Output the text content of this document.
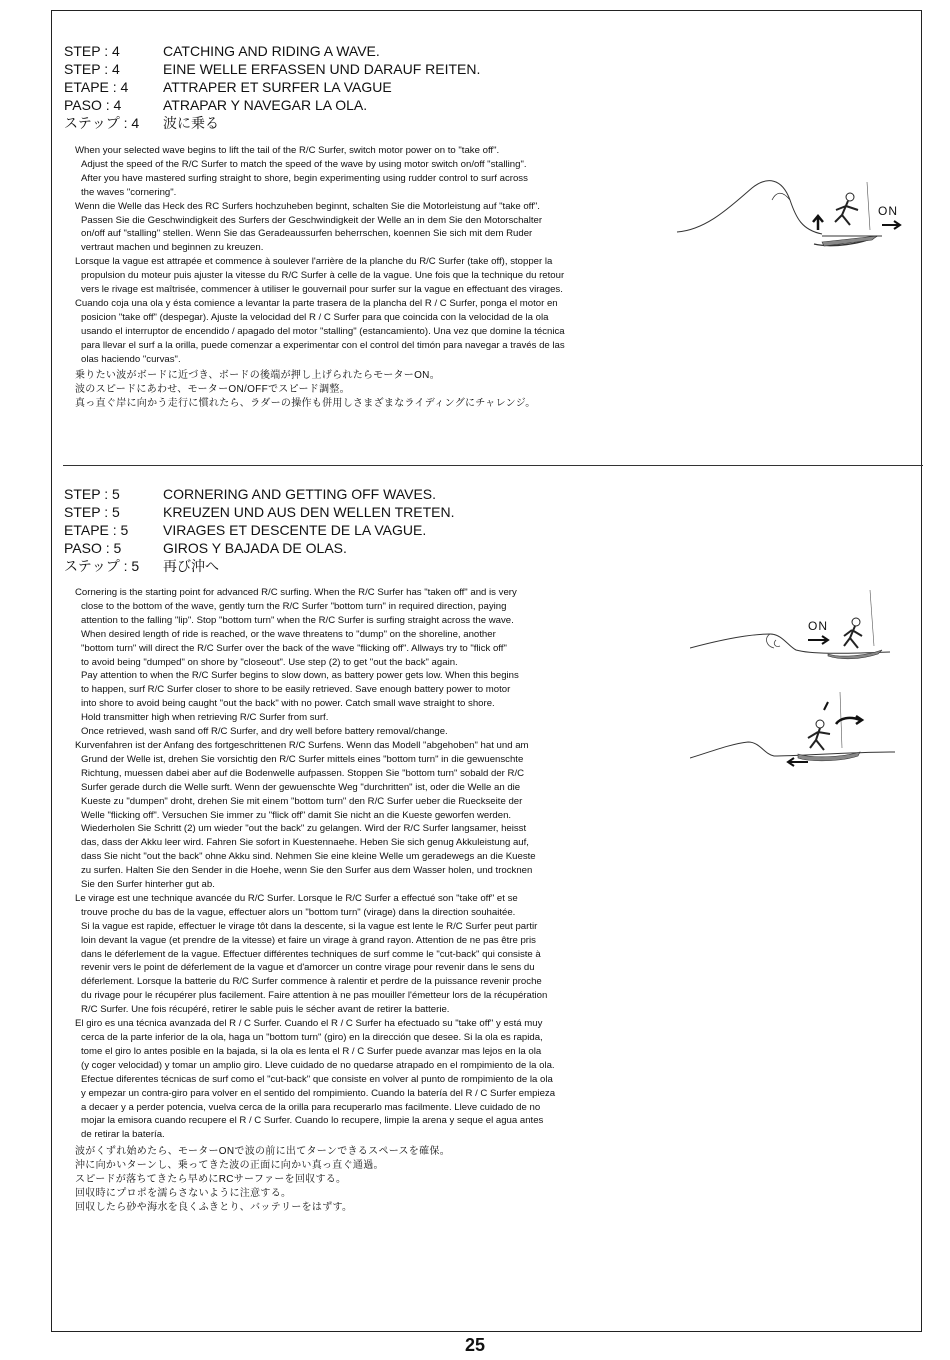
STEP : 4	CATCHING AND RIDING A WAVE.
STEP : 4	EINE WELLE ERFASSEN UND DARAUF REITEN.
ETAPE : 4	ATTRAPER ET SURFER LA VAGUE
PASO : 4	ATRAPAR Y NAVEGAR LA OLA.
ステップ : 4	波に乗る
When your selected wave begins to lift the tail of the R/C Surfer, switch motor power on to "take off".
Adjust the speed of the R/C Surfer to match the speed of the wave by using motor switch on/off "stalling".
After you have mastered surfing straight to shore, begin experimenting using rudder control to surf across
the waves "cornering".
Wenn die Welle das Heck des RC Surfers hochzuheben beginnt, schalten Sie die Motorleistung auf "take off".
Passen Sie die Geschwindigkeit des Surfers der Geschwindigkeit der Welle an in dem Sie den Motorschalter
on/off auf "stalling" stellen. Wenn Sie das Geradeaussurfen beherrschen, koennen Sie sich mit dem Ruder
vertraut machen und beginnen zu kreuzen.
Lorsque la vague est attrapée et commence à soulever l'arrière de la planche du R/C Surfer (take off), stopper la
propulsion du moteur puis ajuster la vitesse du R/C Surfer à celle de la vague. Une fois que la technique du retour
vers le rivage est maîtrisée, commencer à utiliser le gouvernail pour surfer sur la vague en effectuant des virages.
Cuando coja una ola y ésta comience a levantar la parte trasera de la plancha del R / C Surfer, ponga el motor en
posicion "take off" (despegar). Ajuste la velocidad del R / C Surfer para que coincida con la velocidad de la ola
usando el interruptor de encendido / apagado del motor "stalling" (estancamiento). Una vez que domine la técnica
para llevar el surf a la orilla, puede comenzar a experimentar con el control del timón para navegar a través de las
olas haciendo "curvas".
乗りたい波がボードに近づき、ボードの後端が押し上げられたらモーターON。
波のスピードにあわせ、モーターON/OFFでスピード調整。
真っ直ぐ岸に向かう走行に慣れたら、ラダーの操作も併用しさまざまなライディングにチャレンジ。
ON
STEP : 5	CORNERING AND GETTING OFF WAVES.
STEP : 5	KREUZEN UND AUS DEN WELLEN TRETEN.
ETAPE : 5	VIRAGES ET DESCENTE DE LA VAGUE.
PASO : 5	GIROS Y BAJADA DE OLAS.
ステップ : 5	再び沖へ
Cornering is the starting point for advanced R/C surfing. When the R/C Surfer has "taken off" and is very
close to the bottom of the wave, gently turn the R/C Surfer "bottom turn" in required direction, paying
attention to the falling "lip". Stop "bottom turn" when the R/C Surfer is surfing straight across the wave.
When desired length of ride is reached, or the wave threatens to "dump" on the shoreline, another
"bottom turn" will direct the R/C Surfer over the back of the wave "flicking off". Allways try to "flick off"
to avoid being "dumped" on shore by "closeout". Use step (2) to get "out the back" again.
Pay attention to when the R/C Surfer begins to slow down, as battery power gets low. When this begins
to happen, surf R/C Surfer closer to shore to be easily retrieved. Save enough battery power to motor
into shore to avoid being caught "out the back" with no power. Catch small wave straight to shore.
Hold transmitter high when retrieving R/C Surfer from surf.
Once retrieved, wash sand off R/C Surfer, and dry well before battery removal/change.
Kurvenfahren ist der Anfang des fortgeschrittenen R/C Surfens. Wenn das Modell "abgehoben" hat und am
Grund der Welle ist, drehen Sie vorsichtig den R/C Surfer mittels eines "bottom turn" in die gewuenschte
Richtung, muessen dabei aber auf die Bodenwelle aufpassen. Stoppen Sie "bottom turn" sobald der R/C
Surfer gerade durch die Welle surft. Wenn der gewuenschte Weg "durchritten" ist, oder die Welle an die
Kueste zu "dumpen" droht, drehen Sie mit einem "bottom turn" den R/C Surfer ueber die Rueckseite der
Welle "flicking off". Versuchen Sie immer zu "flick off" damit Sie nicht an die Kueste geworfen werden.
Wiederholen Sie Schritt (2) um wieder "out the back" zu gelangen. Wird der R/C Surfer langsamer, heisst
das, dass der Akku leer wird. Fahren Sie sofort in Kuestennaehe. Heben Sie sich genug Akkuleistung auf,
dass Sie nicht "out the back" ohne Akku sind. Nehmen Sie eine kleine Welle um geradewegs an die Kueste
zu surfen. Halten Sie den Sender in die Hoehe, wenn Sie den Surfer aus dem Wasser holen, und trocknen
Sie den Surfer hinterher gut ab.
Le virage est une technique avancée du R/C Surfer. Lorsque le R/C Surfer a effectué son "take off" et se
trouve proche du bas de la vague, effectuer alors un "bottom turn" (virage) dans la direction souhaitée.
Si la vague est rapide, effectuer le virage tôt dans la descente, si la vague est lente le R/C Surfer peut partir
loin devant la vague (et prendre de la vitesse) et faire un virage à grand rayon. Attention de ne pas être pris
dans le déferlement de la vague. Effectuer différentes techniques de surf comme le "cut-back" qui consiste à
revenir vers le point de déferlement de la vague et d'amorcer un contre virage pour revenir dans le sens du
déferlement. Lorsque la batterie du R/C Surfer commence à ralentir et perdre de la puissance revenir proche
du rivage pour le récupérer plus facilement. Faire attention à ne pas mouiller l'émetteur lors de la récupération
R/C Surfer. Une fois récupéré, retirer le sable puis le sécher avant de retirer la batterie.
El giro es una técnica avanzada del R / C Surfer. Cuando el R / C Surfer ha efectuado su "take off" y está muy
cerca de la parte inferior de la ola, haga un "bottom turn" (giro) en la dirección que desee. Si la ola es rapida,
tome el giro lo antes posible en la bajada, si la ola es lenta el R / C Surfer puede avanzar mas lejos en la ola
(y coger velocidad) y tomar un amplio giro. Lleve cuidado de no quedarse atrapado en el rompimiento de la ola.
Efectue diferentes técnicas de surf como el "cut-back" que consiste en volver al punto de rompimiento de la ola
y empezar un contra-giro para volver en el sentido del rompimiento. Cuando la batería del R / C Surfer empieza
a decaer y a perder potencia, vuelva cerca de la orilla para recuperarlo mas facilmente. Lleve cuidado de no
mojar la emisora cuando recupere el R / C Surfer. Cuando lo recupere, limpie la arena y seque el agua antes
de retirar la batería.
波がくずれ始めたら、モーターONで波の前に出てターンできるスペースを確保。
沖に向かいターンし、乗ってきた波の正面に向かい真っ直ぐ通過。
スピードが落ちてきたら早めにRCサーファーを回収する。
回収時にプロポを濡らさないように注意する。
回収したら砂や海水を良くふきとり、バッテリーをはずす。
ON
25
